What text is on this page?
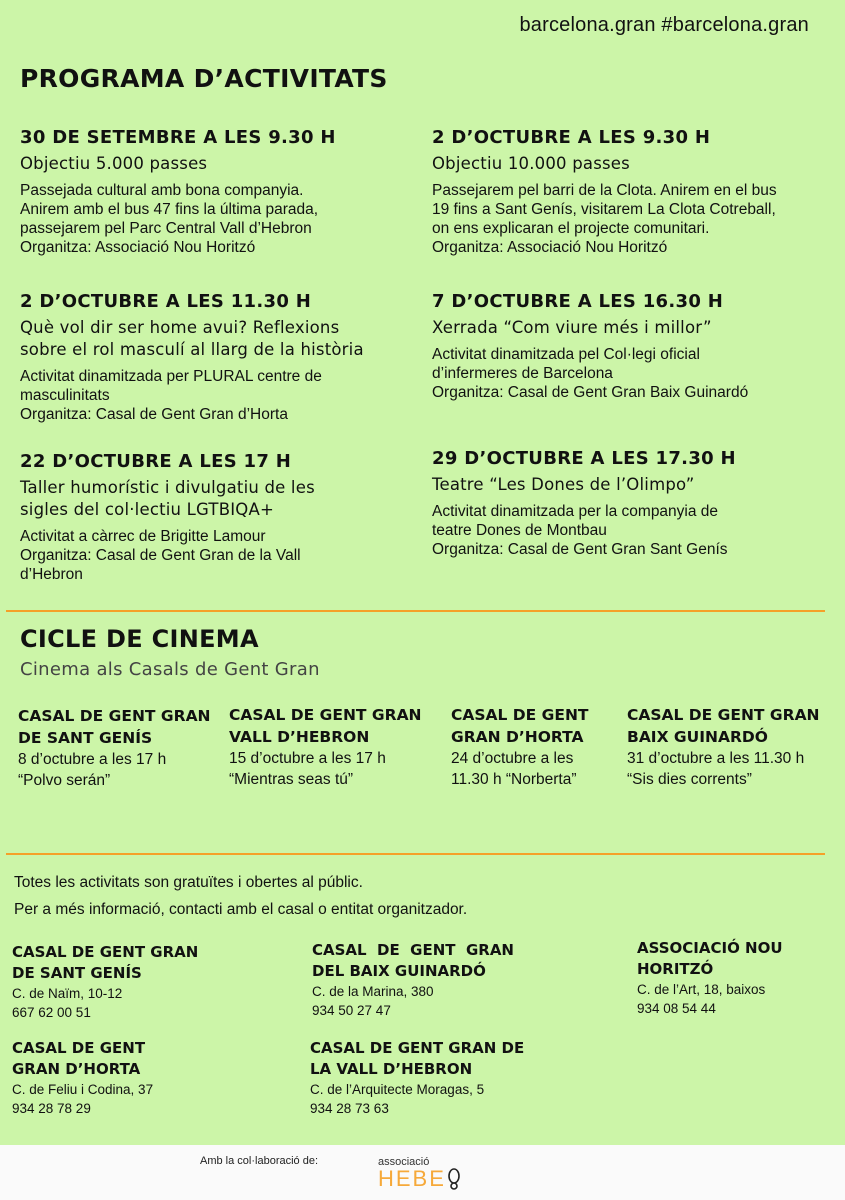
barcelona.gran #barcelona.gran
PROGRAMA D’ACTIVITATS
30 DE SETEMBRE A LES 9.30 H
Objectiu 5.000 passes
Passejada cultural amb bona companyia.
Anirem amb el bus 47 fins la última parada,
passejarem pel Parc Central Vall d’Hebron
Organitza: Associació Nou Horitzó
2 D’OCTUBRE A LES 9.30 H
Objectiu 10.000 passes
Passejarem pel barri de la Clota. Anirem en el bus
19 fins a Sant Genís, visitarem La Clota Cotreball,
on ens explicaran el projecte comunitari.
Organitza: Associació Nou Horitzó
2 D’OCTUBRE A LES 11.30 H
Què vol dir ser home avui? Reflexions
sobre el rol masculí al llarg de la història
Activitat dinamitzada per PLURAL centre de
masculinitats
Organitza: Casal de Gent Gran d’Horta
7 D’OCTUBRE A LES 16.30 H
Xerrada “Com viure més i millor”
Activitat dinamitzada pel Col·legi oficial
d’infermeres de Barcelona
Organitza: Casal de Gent Gran Baix Guinardó
22 D’OCTUBRE A LES 17 H
Taller humorístic i divulgatiu de les
sigles del col·lectiu LGTBIQA+
Activitat a càrrec de Brigitte Lamour
Organitza: Casal de Gent Gran de la Vall
d’Hebron
29 D’OCTUBRE A LES 17.30 H
Teatre “Les Dones de l’Olimpo”
Activitat dinamitzada per la companyia de
teatre Dones de Montbau
Organitza: Casal de Gent Gran Sant Genís
CICLE DE CINEMA
Cinema als Casals de Gent Gran
CASAL DE GENT GRAN
DE SANT GENÍS
8 d’octubre a les 17 h
“Polvo serán”
CASAL DE GENT GRAN
VALL D’HEBRON
15 d’octubre a les 17 h
“Mientras seas tú”
CASAL DE GENT
GRAN D’HORTA
24 d’octubre a les
11.30 h “Norberta”
CASAL DE GENT GRAN
BAIX GUINARDÓ
31 d’octubre a les 11.30 h
“Sis dies corrents”
Totes les activitats son gratuïtes i obertes al públic.
Per a més informació, contacti amb el casal o entitat organitzador.
CASAL DE GENT GRAN
DE SANT GENÍS
C. de Naïm, 10-12
667 62 00 51
CASAL  DE  GENT  GRAN
DEL BAIX GUINARDÓ
C. de la Marina, 380
934 50 27 47
ASSOCIACIÓ NOU
HORITZÓ
C. de l’Art, 18, baixos
934 08 54 44
CASAL DE GENT
GRAN D’HORTA
C. de Feliu i Codina, 37
934 28 78 29
CASAL DE GENT GRAN DE
LA VALL D’HEBRON
C. de l’Arquitecte Moragas, 5
934 28 73 63
Amb la col·laboració de:	associació
HEBE
